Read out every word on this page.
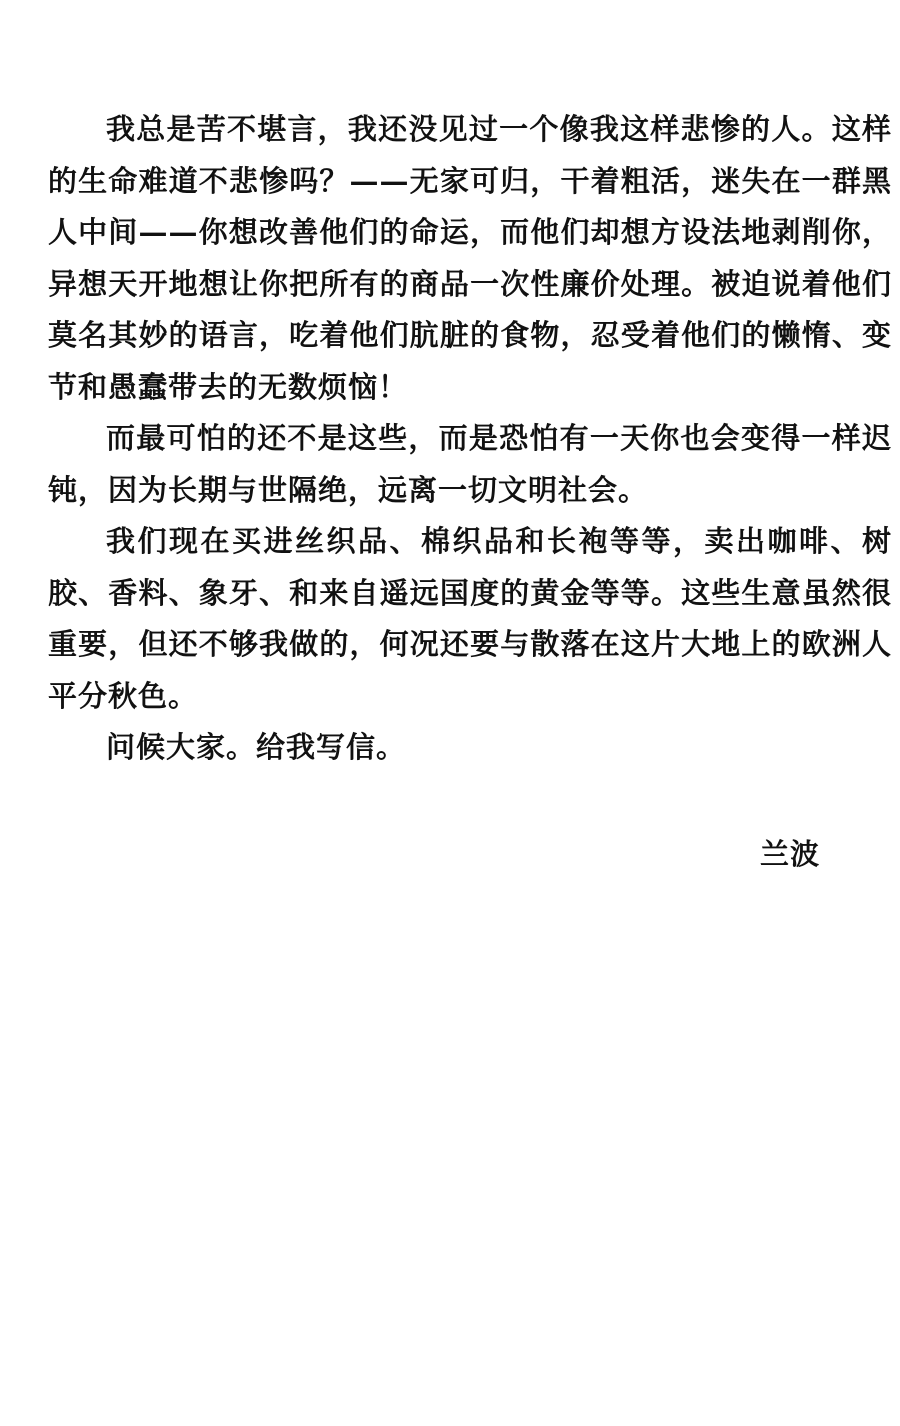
我总是苦不堪言，我还没见过一个像我这样悲惨的人。这样的生命难道不悲惨吗？——无家可归，干着粗活，迷失在一群黑人中间——你想改善他们的命运，而他们却想方设法地剥削你，异想天开地想让你把所有的商品一次性廉价处理。被迫说着他们莫名其妙的语言，吃着他们肮脏的食物，忍受着他们的懒惰、变节和愚蠢带去的无数烦恼！

而最可怕的还不是这些，而是恐怕有一天你也会变得一样迟钝，因为长期与世隔绝，远离一切文明社会。

我们现在买进丝织品、棉织品和长袍等等，卖出咖啡、树胶、香料、象牙、和来自遥远国度的黄金等等。这些生意虽然很重要，但还不够我做的，何况还要与散落在这片大地上的欧洲人平分秋色。

问候大家。给我写信。

兰波
